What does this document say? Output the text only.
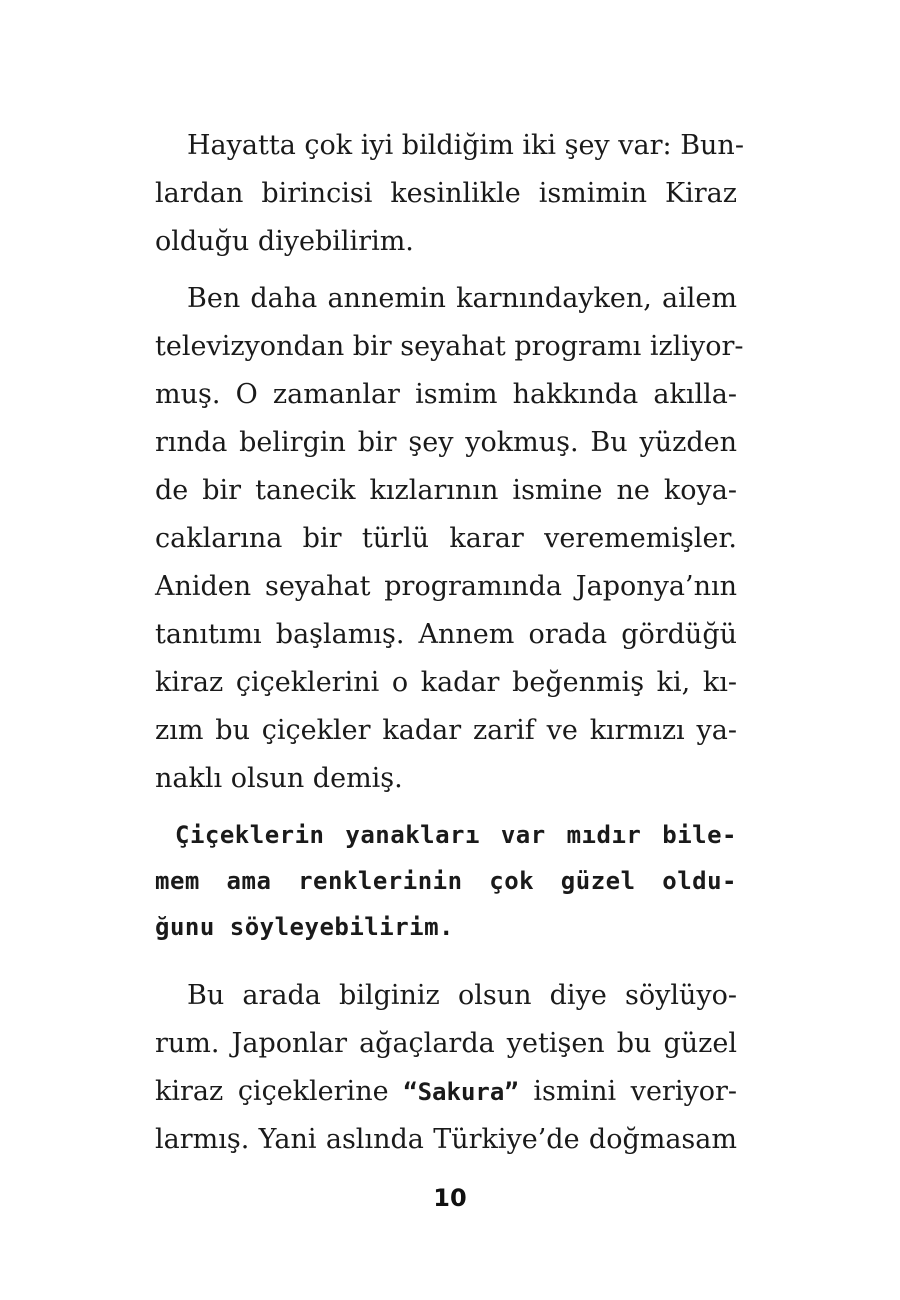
Hayatta çok iyi bildiğim iki şey var: Bun-
lardan birincisi kesinlikle ismimin Kiraz
olduğu diyebilirim.
Ben daha annemin karnındayken, ailem
televizyondan bir seyahat programı izliyor-
muş. O zamanlar ismim hakkında akılla-
rında belirgin bir şey yokmuş. Bu yüzden
de bir tanecik kızlarının ismine ne koya-
caklarına bir türlü karar verememişler.
Aniden seyahat programında Japonya’nın
tanıtımı başlamış. Annem orada gördüğü
kiraz çiçeklerini o kadar beğenmiş ki, kı-
zım bu çiçekler kadar zarif ve kırmızı ya-
naklı olsun demiş.
Çiçeklerin yanakları var mıdır bile-
mem ama renklerinin çok güzel oldu-
ğunu söyleyebilirim.
Bu arada bilginiz olsun diye söylüyo-
rum. Japonlar ağaçlarda yetişen bu güzel
kiraz çiçeklerine “Sakura” ismini veriyor-
larmış. Yani aslında Türkiye’de doğmasam
10
